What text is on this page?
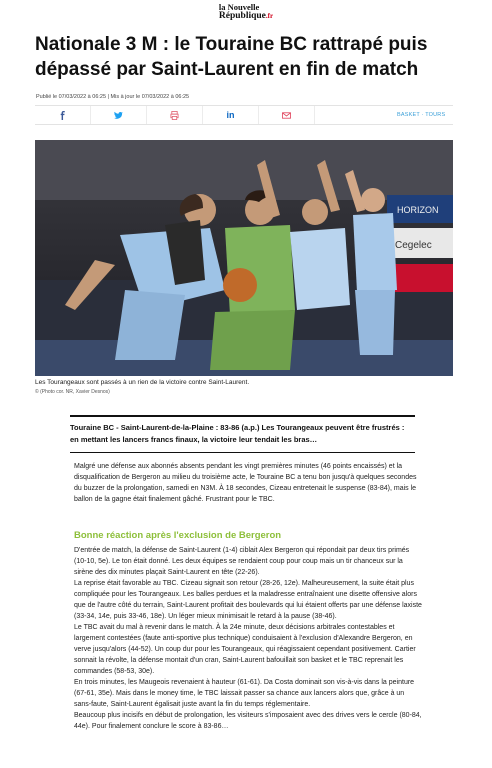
la Nouvelle
République.fr
Nationale 3 M : le Touraine BC rattrapé puis dépassé par Saint-Laurent en fin de match
Publié le 07/03/2022 à 06:25 | Mis à jour le 07/03/2022 à 06:25
in	BASKET · TOURS
HORIZON
Cegelec
Les Tourangeaux sont passés à un rien de la victoire contre Saint-Laurent.
© (Photo cor. NR, Xavier Desnos)
Touraine BC - Saint-Laurent-de-la-Plaine : 83-86 (a.p.) Les Tourangeaux peuvent être frustrés : en mettant les lancers francs finaux, la victoire leur tendait les bras…

Malgré une défense aux abonnés absents pendant les vingt premières minutes (46 points encaissés) et la disqualification de Bergeron au milieu du troisième acte, le Touraine BC a tenu bon jusqu'à quelques secondes du buzzer de la prolongation, samedi en N3M. À 18 secondes, Cizeau entretenait le suspense (83-84), mais le ballon de la gagne était finalement gâché. Frustrant pour le TBC.

Bonne réaction après l'exclusion de Bergeron

D'entrée de match, la défense de Saint-Laurent (1-4) ciblait Alex Bergeron qui répondait par deux tirs primés (10-10, 5e). Le ton était donné. Les deux équipes se rendaient coup pour coup mais un tir chanceux sur la sirène des dix minutes plaçait Saint-Laurent en tête (22-26).

La reprise était favorable au TBC. Cizeau signait son retour (28-26, 12e). Malheureusement, la suite était plus compliquée pour les Tourangeaux. Les balles perdues et la maladresse entraînaient une disette offensive alors que de l'autre côté du terrain, Saint-Laurent profitait des boulevards qui lui étaient offerts par une défense laxiste (33-34, 14e, puis 33-46, 18e). Un léger mieux minimisait le retard à la pause (38-46).

Le TBC avait du mal à revenir dans le match. À la 24e minute, deux décisions arbitrales contestables et largement contestées (faute anti-sportive plus technique) conduisaient à l'exclusion d'Alexandre Bergeron, en verve jusqu'alors (44-52). Un coup dur pour les Tourangeaux, qui réagissaient cependant positivement. Cartier sonnait la révolte, la défense montait d'un cran, Saint-Laurent bafouillait son basket et le TBC reprenait les commandes (58-53, 30e).

En trois minutes, les Maugeois revenaient à hauteur (61-61). Da Costa dominait son vis-à-vis dans la peinture (67-61, 35e). Mais dans le money time, le TBC laissait passer sa chance aux lancers alors que, grâce à un sans-faute, Saint-Laurent égalisait juste avant la fin du temps réglementaire.

Beaucoup plus incisifs en début de prolongation, les visiteurs s'imposaient avec des drives vers le cercle (80-84, 44e). Pour finalement conclure le score à 83-86…
